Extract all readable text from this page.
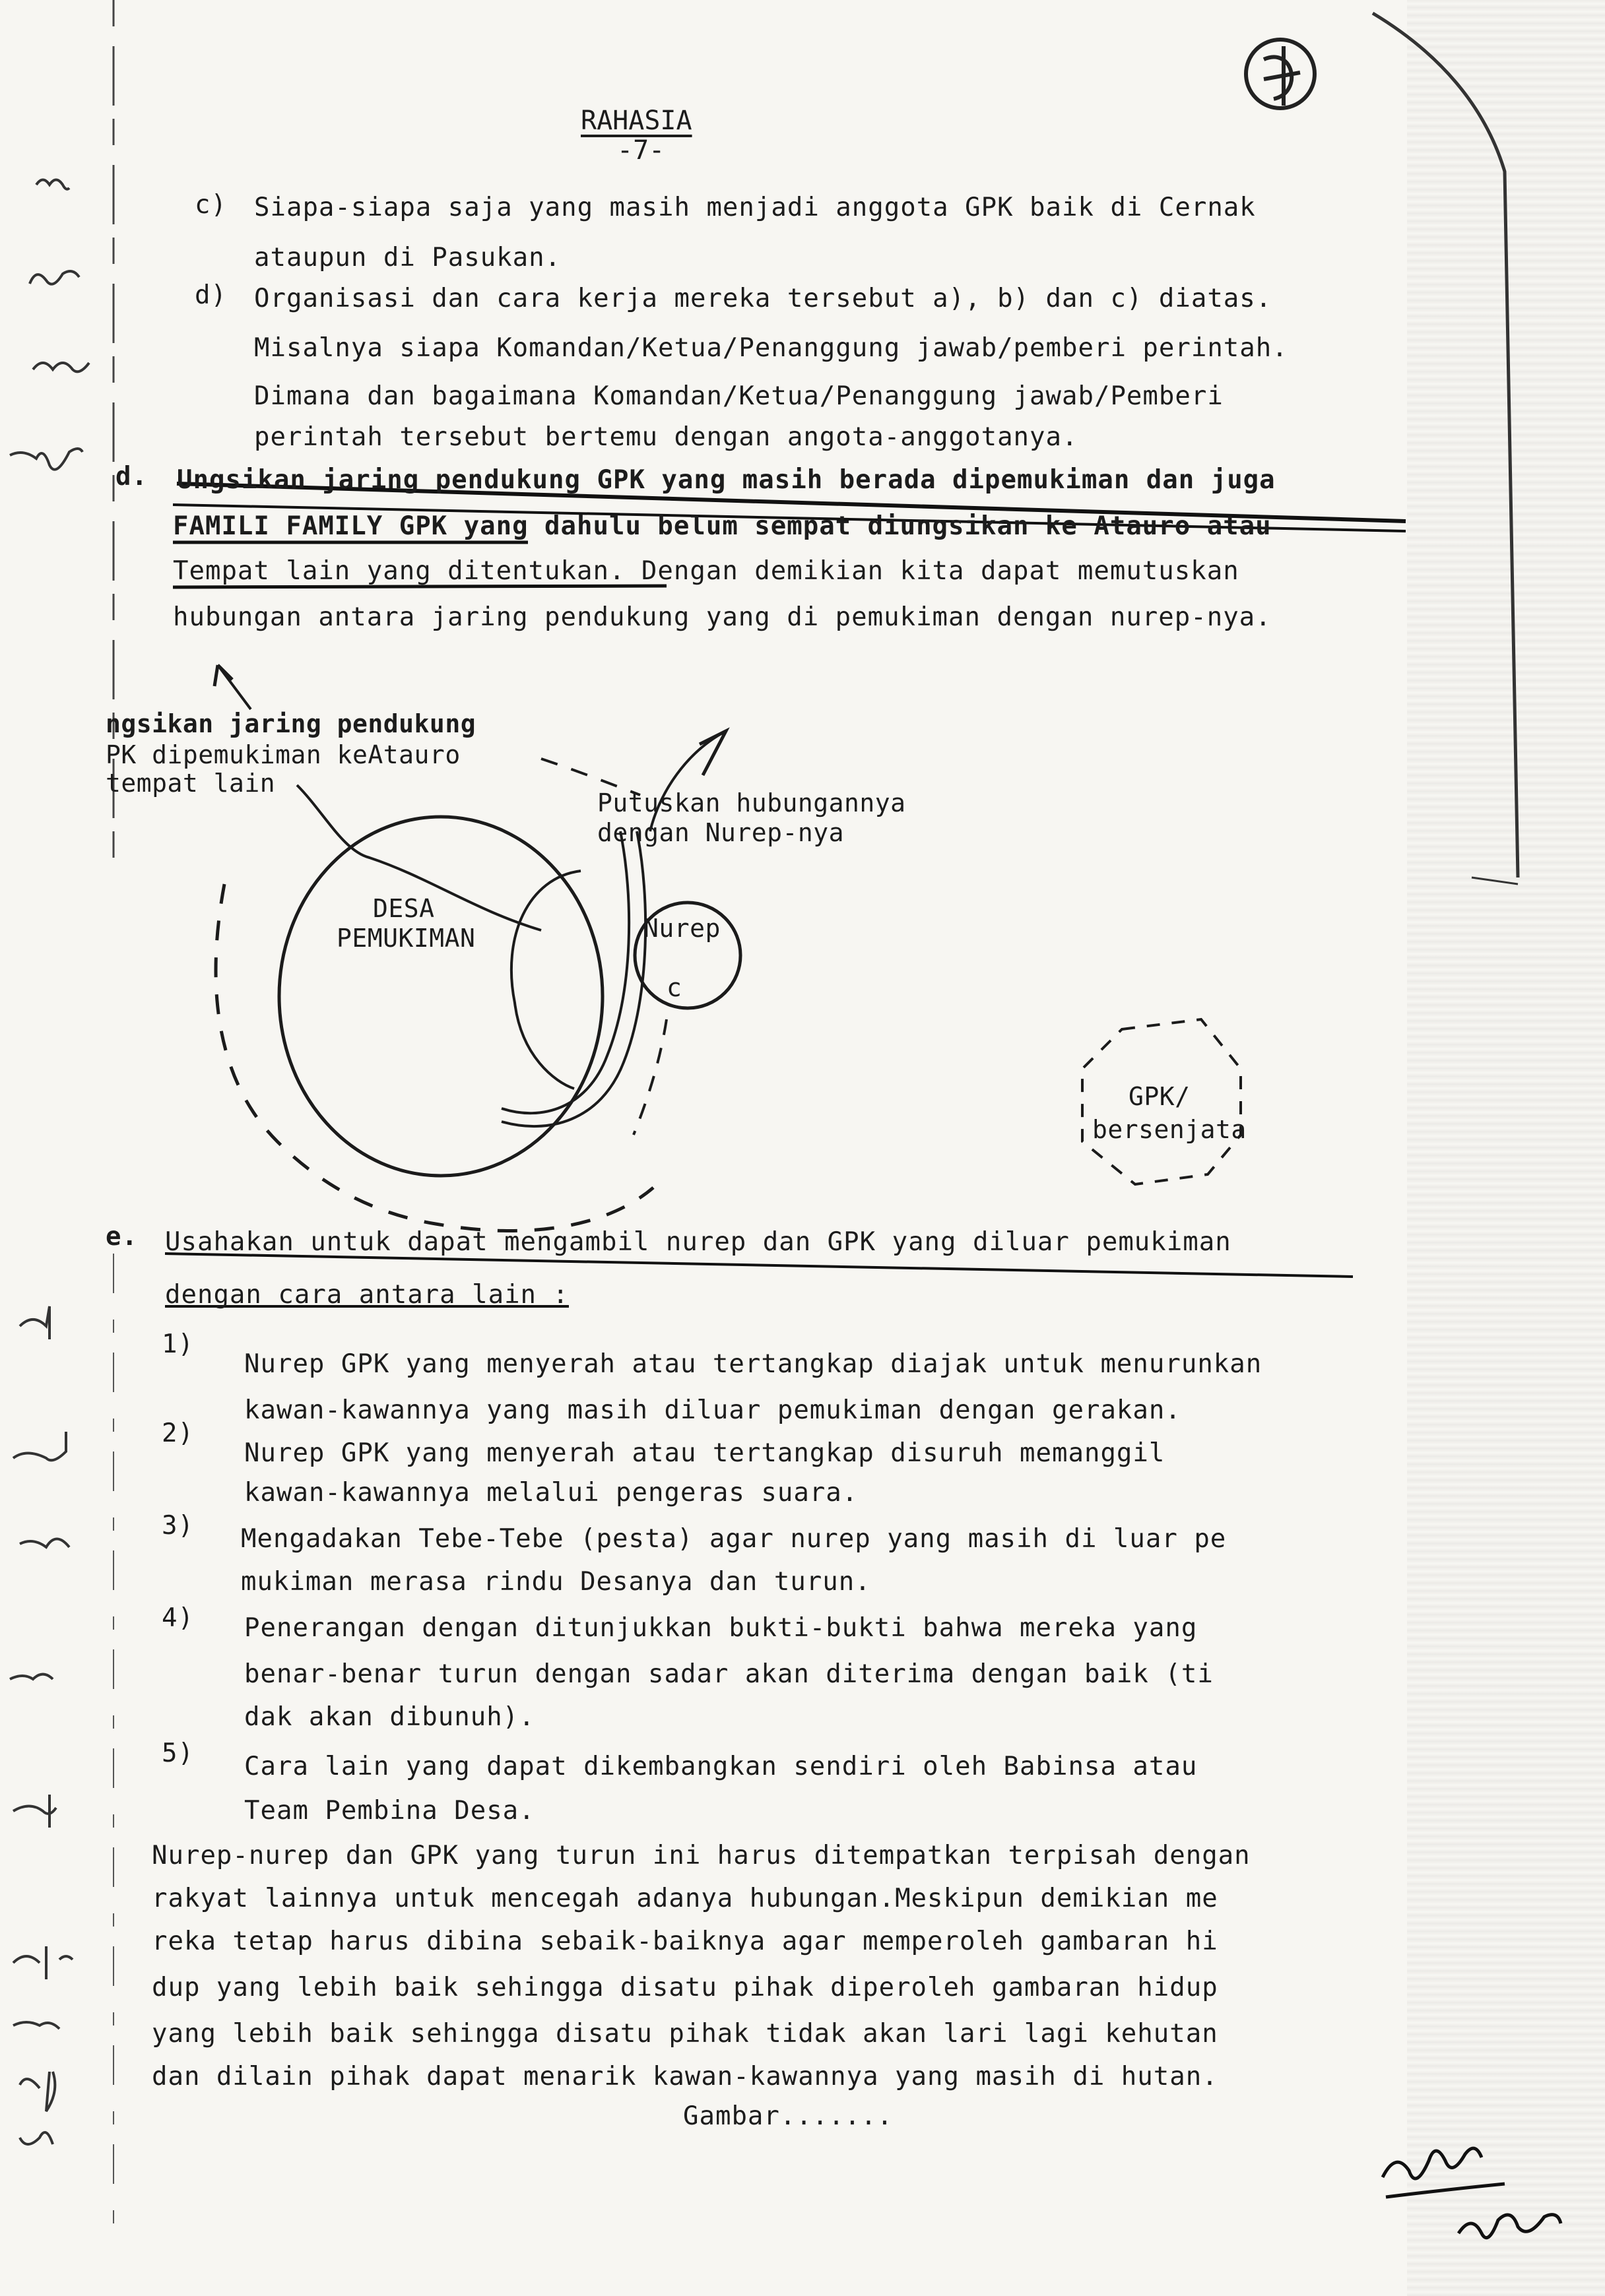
RAHASIA
-7-
c) Siapa-siapa saja yang masih menjadi anggota GPK baik di Cernak
ataupun di Pasukan.
d) Organisasi dan cara kerja mereka tersebut a), b) dan c) diatas.
Misalnya siapa Komandan/Ketua/Penanggung jawab/pemberi perintah.
Dimana dan bagaimana Komandan/Ketua/Penanggung jawab/Pemberi
perintah tersebut bertemu dengan angota-anggotanya.
d. Ungsikan jaring pendukung GPK yang masih berada dipemukiman dan juga
FAMILI FAMILY GPK yang dahulu belum sempat diungsikan ke Atauro atau
Tempat lain yang ditentukan. Dengan demikian kita dapat memutuskan
hubungan antara jaring pendukung yang di pemukiman dengan nurep-nya.
ngsikan jaring pendukung
PK dipemukiman keAtauro
tempat lain
Putuskan hubungannya
dengan Nurep-nya
DESA
PEMUKIMAN	Nurep
c
GPK/
bersenjata
e. Usahakan untuk dapat mengambil nurep dan GPK yang diluar pemukiman
dengan cara antara lain :
1)
Nurep GPK yang menyerah atau tertangkap diajak untuk menurunkan
kawan-kawannya yang masih diluar pemukiman dengan gerakan.
2)
Nurep GPK yang menyerah atau tertangkap disuruh memanggil
kawan-kawannya melalui pengeras suara.
3) Mengadakan Tebe-Tebe (pesta) agar nurep yang masih di luar pe
mukiman merasa rindu Desanya dan turun.
4) Penerangan dengan ditunjukkan bukti-bukti bahwa mereka yang
benar-benar turun dengan sadar akan diterima dengan baik (ti
dak akan dibunuh).
5) Cara lain yang dapat dikembangkan sendiri oleh Babinsa atau
Team Pembina Desa.
Nurep-nurep dan GPK yang turun ini harus ditempatkan terpisah dengan
rakyat lainnya untuk mencegah adanya hubungan.Meskipun demikian me
reka tetap harus dibina sebaik-baiknya agar memperoleh gambaran hi
dup yang lebih baik sehingga disatu pihak diperoleh gambaran hidup
yang lebih baik sehingga disatu pihak tidak akan lari lagi kehutan
dan dilain pihak dapat menarik kawan-kawannya yang masih di hutan.
Gambar.......
